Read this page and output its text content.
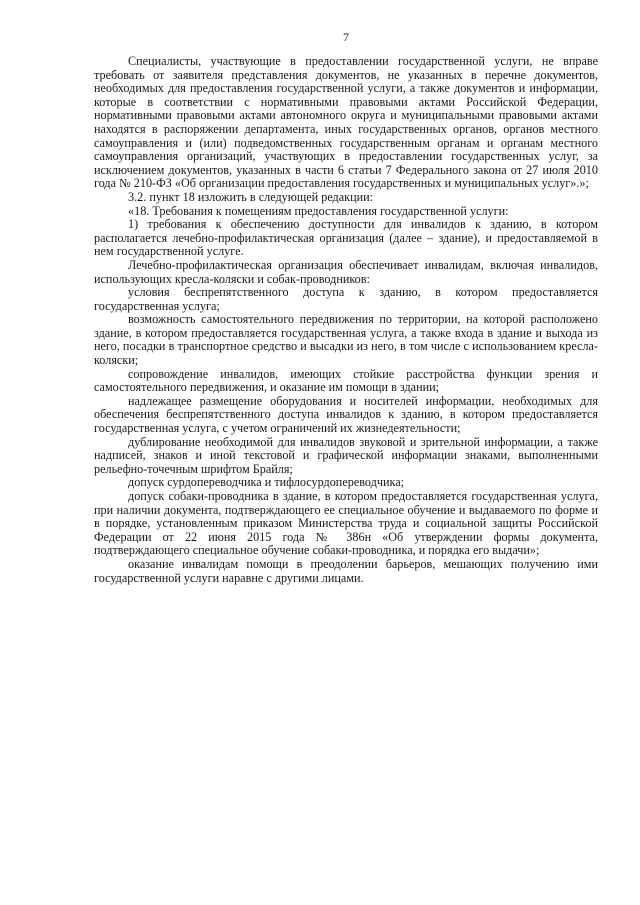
7

Специалисты, участвующие в предоставлении государственной услуги, не вправе требовать от заявителя представления документов, не указанных в перечне документов, необходимых для предоставления государственной услуги, а также документов и информации, которые в соответствии с нормативными правовыми актами Российской Федерации, нормативными правовыми актами автономного округа и муниципальными правовыми актами находятся в распоряжении департамента, иных государственных органов, органов местного самоуправления и (или) подведомственных государственным органам и органам местного самоуправления организаций, участвующих в предоставлении государственных услуг, за исключением документов, указанных в части 6 статьи 7 Федерального закона от 27 июля 2010 года № 210-ФЗ «Об организации предоставления государственных и муниципальных услуг».»;

3.2. пункт 18 изложить в следующей редакции:

«18. Требования к помещениям предоставления государственной услуги:

1) требования к обеспечению доступности для инвалидов к зданию, в котором располагается лечебно-профилактическая организация (далее – здание), и предоставляемой в нем государственной услуге.

Лечебно-профилактическая организация обеспечивает инвалидам, включая инвалидов, использующих кресла-коляски и собак-проводников:

условия беспрепятственного доступа к зданию, в котором предоставляется государственная услуга;

возможность самостоятельного передвижения по территории, на которой расположено здание, в котором предоставляется государственная услуга, а также входа в здание и выхода из него, посадки в транспортное средство и высадки из него, в том числе с использованием кресла-коляски;

сопровождение инвалидов, имеющих стойкие расстройства функции зрения и самостоятельного передвижения, и оказание им помощи в здании;

надлежащее размещение оборудования и носителей информации, необходимых для обеспечения беспрепятственного доступа инвалидов к зданию, в котором предоставляется государственная услуга, с учетом ограничений их жизнедеятельности;

дублирование необходимой для инвалидов звуковой и зрительной информации, а также надписей, знаков и иной текстовой и графической информации знаками, выполненными рельефно-точечным шрифтом Брайля;

допуск сурдопереводчика и тифлосурдопереводчика;

допуск собаки-проводника в здание, в котором предоставляется государственная услуга, при наличии документа, подтверждающего ее специальное обучение и выдаваемого по форме и в порядке, установленным приказом Министерства труда и социальной защиты Российской Федерации от 22 июня 2015 года № 386н «Об утверждении формы документа, подтверждающего специальное обучение собаки-проводника, и порядка его выдачи»;

оказание инвалидам помощи в преодолении барьеров, мешающих получению ими государственной услуги наравне с другими лицами.
